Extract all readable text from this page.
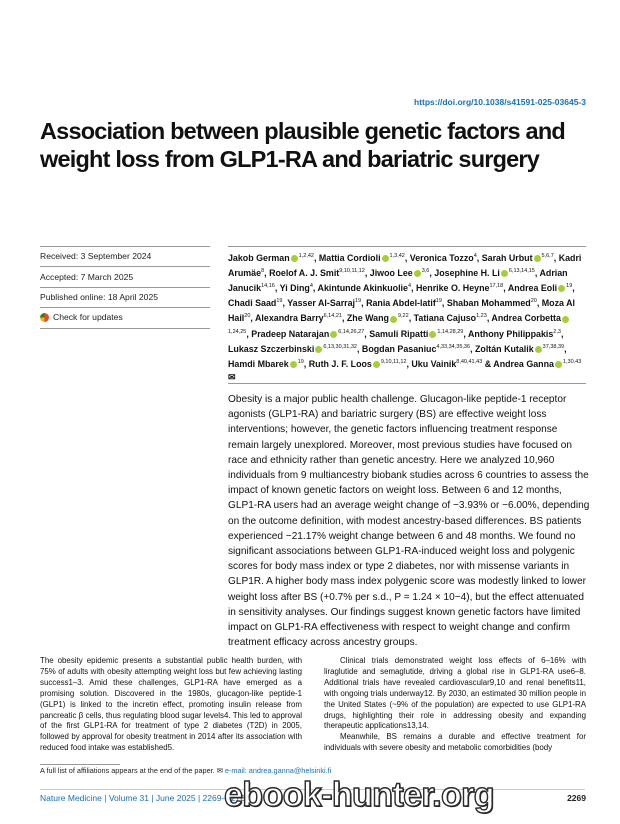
https://doi.org/10.1038/s41591-025-03645-3
Association between plausible genetic factors and weight loss from GLP1-RA and bariatric surgery
Received: 3 September 2024
Accepted: 7 March 2025
Published online: 18 April 2025
Check for updates
Jakob German $^{1,2,42}$, Mattia Cordioli $^{1,3,42}$, Veronica Tozzo$^4$, Sarah Urbut $^{5,6,7}$, Kadri Arumäe$^8$, Roelof A. J. Smit$^{9,10,11,12}$, Jiwoo Lee $^{3,6}$, Josephine H. Li $^{6,13,14,15}$, Adrian Janucik$^{14,16}$, Yi Ding$^4$, Akintunde Akinkuolie$^4$, Henrike O. Heyne$^{17,18}$, Andrea Eoli $^{19}$, Chadi Saad$^{19}$, Yasser Al-Sarraj$^{19}$, Rania Abdel-latif$^{19}$, Shaban Mohammed$^{20}$, Moza Al Hail$^{20}$, Alexandra Barry$^{6,14,21}$, Zhe Wang $^{9,22}$, Tatiana Cajuso$^{1,23}$, Andrea Corbetta$^{1,24,25}$, Pradeep Natarajan $^{6,14,26,27}$, Samuli Ripatti $^{1,14,28,29}$, Anthony Philippakis$^{2,3}$, Lukasz Szczerbinski $^{6,13,30,31,32}$, Bogdan Pasaniuc$^{4,33,34,35,36}$, Zoltán Kutalik $^{37,38,39}$, Hamdi Mbarek $^{19}$, Ruth J. F. Loos $^{9,10,11,12}$, Uku Vainik$^{8,40,41,43}$ & Andrea Ganna $^{1,30,43}$ ✉

Obesity is a major public health challenge. Glucagon-like peptide-1 receptor agonists (GLP1-RA) and bariatric surgery (BS) are effective weight loss interventions; however, the genetic factors influencing treatment response remain largely unexplored. Moreover, most previous studies have focused on race and ethnicity rather than genetic ancestry. Here we analyzed 10,960 individuals from 9 multiancestry biobank studies across 6 countries to assess the impact of known genetic factors on weight loss. Between 6 and 12 months, GLP1-RA users had an average weight change of −3.93% or −6.00%, depending on the outcome definition, with modest ancestry-based differences. BS patients experienced −21.17% weight change between 6 and 48 months. We found no significant associations between GLP1-RA-induced weight loss and polygenic scores for body mass index or type 2 diabetes, nor with missense variants in GLP1R. A higher body mass index polygenic score was modestly linked to lower weight loss after BS (+0.7% per s.d., P = 1.24 × 10−4), but the effect attenuated in sensitivity analyses. Our findings suggest known genetic factors have limited impact on GLP1-RA effectiveness with respect to weight change and confirm treatment efficacy across ancestry groups.

The obesity epidemic presents a substantial public health burden, with 75% of adults with obesity attempting weight loss but few achieving lasting success1–3. Amid these challenges, GLP1-RA have emerged as a promising solution. Discovered in the 1980s, glucagon-like peptide-1 (GLP1) is linked to the incretin effect, promoting insulin release from pancreatic β cells, thus regulating blood sugar levels4. This led to approval of the first GLP1-RA for treatment of type 2 diabetes (T2D) in 2005, followed by approval for obesity treatment in 2014 after its association with reduced food intake was established5.

Clinical trials demonstrated weight loss effects of 6–16% with liraglutide and semaglutide, driving a global rise in GLP1-RA use6–8. Additional trials have revealed cardiovascular9,10 and renal benefits11, with ongoing trials underway12. By 2030, an estimated 30 million people in the United States (~9% of the population) are expected to use GLP1-RA drugs, highlighting their role in addressing obesity and expanding therapeutic applications13,14.

Meanwhile, BS remains a durable and effective treatment for individuals with severe obesity and metabolic comorbidities (body

A full list of affiliations appears at the end of the paper. ✉ e-mail: andrea.ganna@helsinki.fi
Nature Medicine | Volume 31 | June 2025 | 2269–2278	2269
ebook-hunter.org
